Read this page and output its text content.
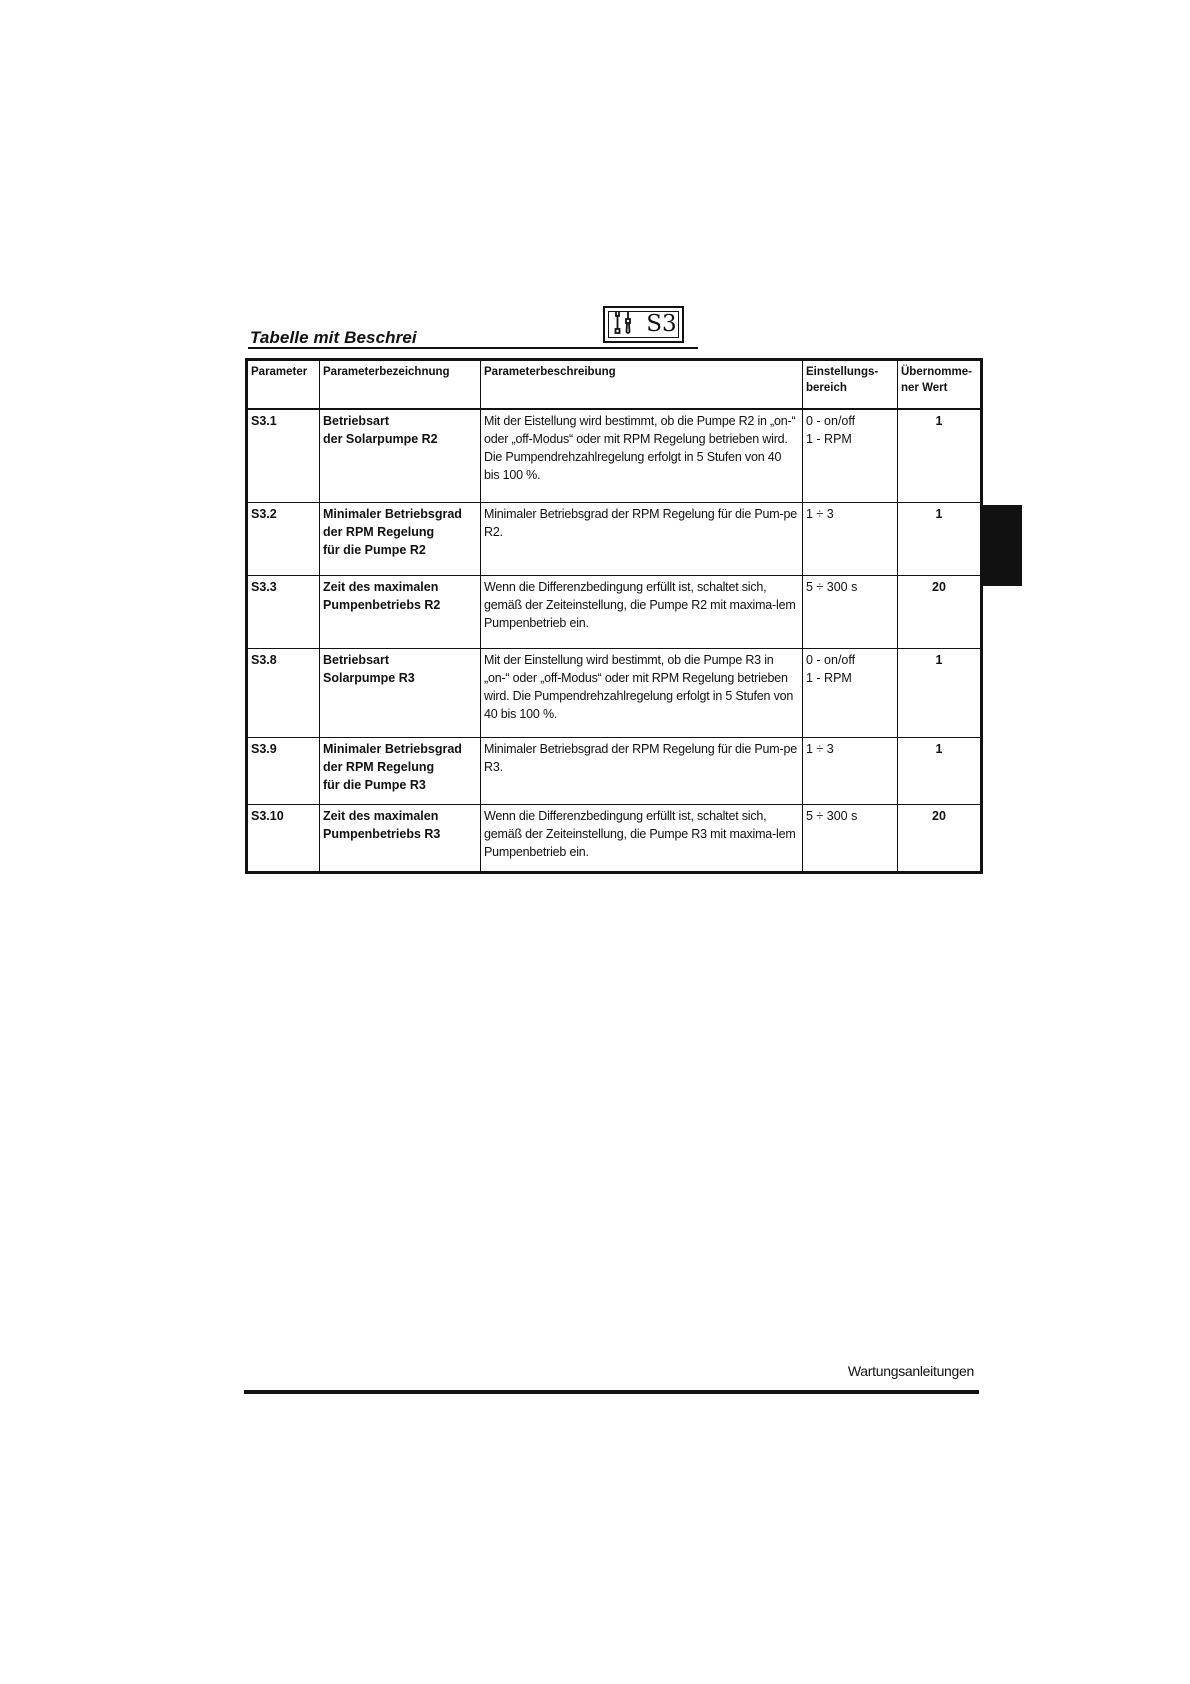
Tabelle mit Beschrei
S3
Parameter	Parameterbezeichnung	Parameterbeschreibung	Einstellungs-
bereich	Übernomme-
ner Wert
S3.1	Betriebsart
der Solarpumpe R2	Mit der Eistellung wird bestimmt, ob die Pumpe R2 in „on-“ oder „off-Modus“ oder mit RPM Regelung betrieben wird. Die Pumpendrehzahlregelung erfolgt in 5 Stufen von 40 bis 100 %.	0 - on/off
1 - RPM	1
S3.2	Minimaler Betriebsgrad
der RPM Regelung
für die Pumpe R2	Minimaler Betriebsgrad der RPM Regelung für die Pum-pe R2.	1 ÷ 3	1
S3.3	Zeit des maximalen
Pumpenbetriebs R2	Wenn die Differenzbedingung erfüllt ist, schaltet sich, gemäß der Zeiteinstellung, die Pumpe R2 mit maxima-lem Pumpenbetrieb ein.	5 ÷ 300 s	20
S3.8	Betriebsart
Solarpumpe R3	Mit der Einstellung wird bestimmt, ob die Pumpe R3 in „on-“ oder „off-Modus“ oder mit RPM Regelung betrieben wird. Die Pumpendrehzahlregelung erfolgt in 5 Stufen von 40 bis 100 %.	0 - on/off
1 - RPM	1
S3.9	Minimaler Betriebsgrad
der RPM Regelung
für die Pumpe R3	Minimaler Betriebsgrad der RPM Regelung für die Pum-pe R3.	1 ÷ 3	1
S3.10	Zeit des maximalen
Pumpenbetriebs R3	Wenn die Differenzbedingung erfüllt ist, schaltet sich, gemäß der Zeiteinstellung, die Pumpe R3 mit maxima-lem Pumpenbetrieb ein.	5 ÷ 300 s	20
Wartungsanleitungen
